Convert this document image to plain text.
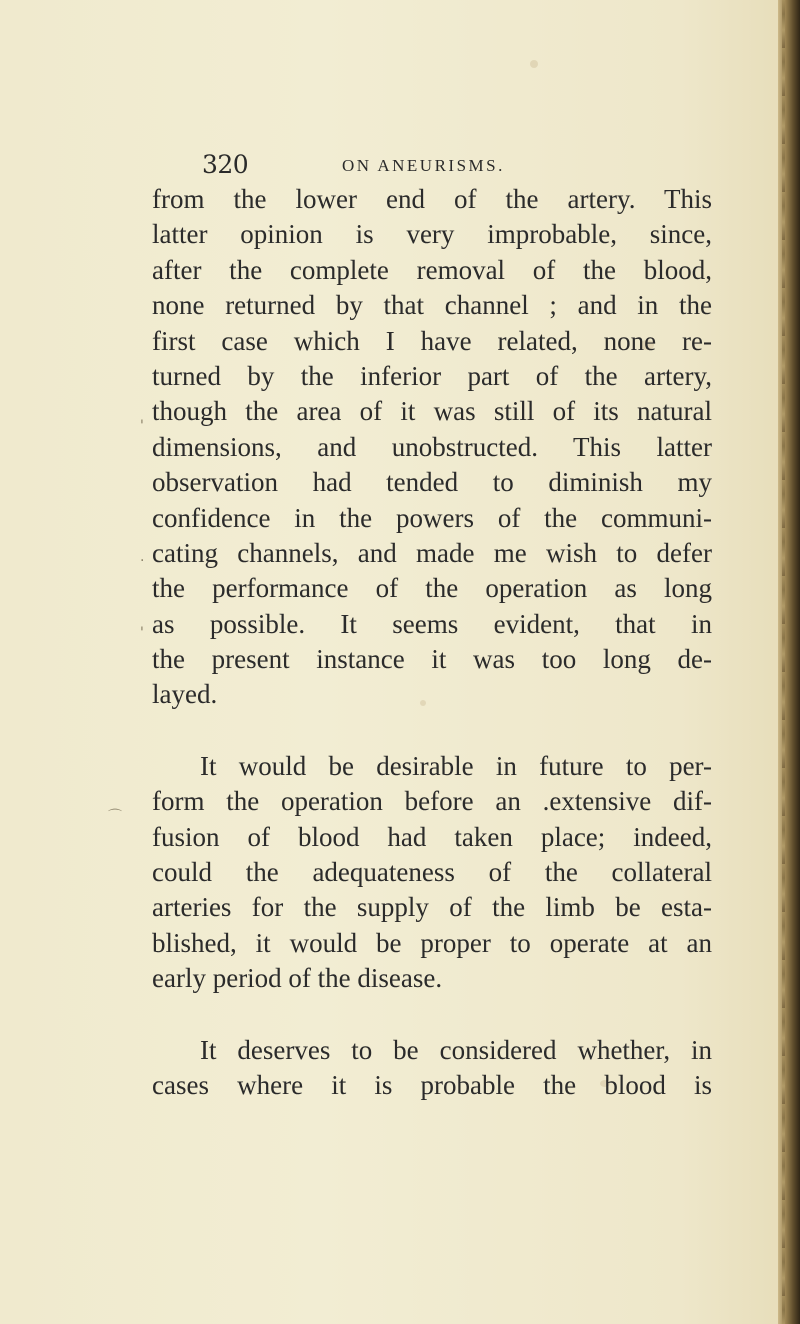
'
·
'
⌒
320	ON ANEURISMS.
from the lower end of the artery. This
latter opinion is very improbable, since,
after the complete removal of the blood,
none returned by that channel ; and in the
first case which I have related, none re-
turned by the inferior part of the artery,
though the area of it was still of its natural
dimensions, and unobstructed. This latter
observation had tended to diminish my
confidence in the powers of the communi-
cating channels, and made me wish to defer
the performance of the operation as long
as possible. It seems evident, that in
the present instance it was too long de-
layed.
It would be desirable in future to per-
form the operation before an .extensive dif-
fusion of blood had taken place; indeed,
could the adequateness of the collateral
arteries for the supply of the limb be esta-
blished, it would be proper to operate at an
early period of the disease.
It deserves to be considered whether, in
cases where it is probable the blood is
